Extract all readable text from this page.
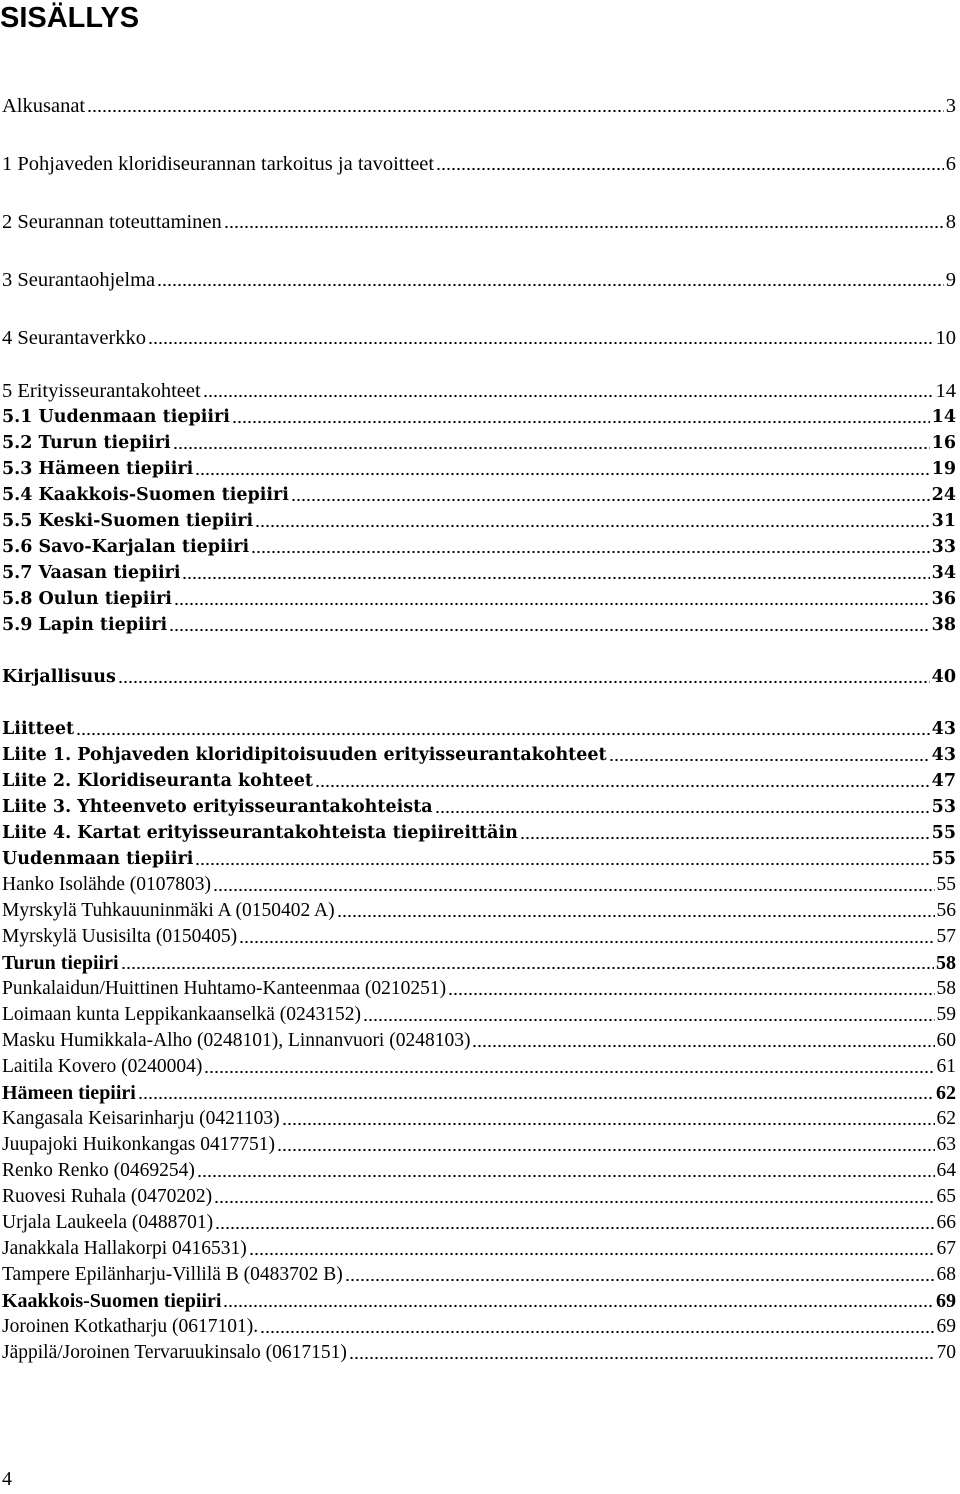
SISÄLLYS
Alkusanat	3
1 Pohjaveden kloridiseurannan tarkoitus ja tavoitteet	6
2 Seurannan toteuttaminen	8
3 Seurantaohjelma	9
4 Seurantaverkko	10
5 Erityisseurantakohteet	14
5.1 Uudenmaan tiepiiri	14
5.2 Turun tiepiiri	16
5.3 Hämeen tiepiiri	19
5.4 Kaakkois-Suomen tiepiiri	24
5.5 Keski-Suomen tiepiiri	31
5.6 Savo-Karjalan tiepiiri	33
5.7 Vaasan tiepiiri	34
5.8 Oulun tiepiiri	36
5.9 Lapin tiepiiri	38
Kirjallisuus	40
Liitteet	43
Liite 1. Pohjaveden kloridipitoisuuden erityisseurantakohteet	43
Liite 2. Kloridiseuranta kohteet	47
Liite 3. Yhteenveto erityisseurantakohteista	53
Liite 4. Kartat erityisseurantakohteista tiepiireittäin	55
Uudenmaan tiepiiri	55
Hanko Isolähde (0107803)	55
Myrskylä Tuhkauuninmäki A (0150402 A)	56
Myrskylä Uusisilta (0150405)	57
Turun tiepiiri	58
Punkalaidun/Huittinen Huhtamo-Kanteenmaa (0210251)	58
Loimaan kunta Leppikankaanselkä (0243152)	59
Masku Humikkala-Alho (0248101), Linnanvuori (0248103)	60
Laitila Kovero (0240004)	61
Hämeen tiepiiri	62
Kangasala Keisarinharju (0421103)	62
Juupajoki Huikonkangas 0417751)	63
Renko Renko (0469254)	64
Ruovesi Ruhala (0470202)	65
Urjala Laukeela (0488701)	66
Janakkala Hallakorpi 0416531)	67
Tampere Epilänharju-Villilä B (0483702 B)	68
Kaakkois-Suomen tiepiiri	69
Joroinen Kotkatharju (0617101).	69
Jäppilä/Joroinen Tervaruukinsalo (0617151)	70
4
